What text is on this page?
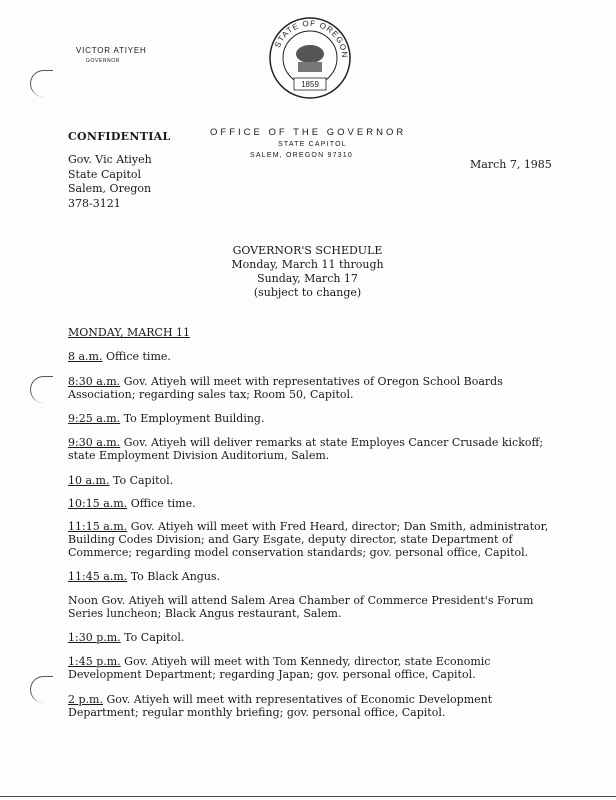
VICTOR ATIYEH
GOVERNOR
STATE OF OREGON
1859
OFFICE OF THE GOVERNOR
STATE CAPITOL
SALEM, OREGON 97310
CONFIDENTIAL
Gov. Vic Atiyeh
State Capitol
Salem, Oregon
378-3121
March 7, 1985
GOVERNOR'S SCHEDULE
Monday, March 11 through
Sunday, March 17
(subject to change)
MONDAY, MARCH 11
8 a.m. Office time.
8:30 a.m. Gov. Atiyeh will meet with representatives of Oregon School Boards Association; regarding sales tax; Room 50, Capitol.
9:25 a.m. To Employment Building.
9:30 a.m. Gov. Atiyeh will deliver remarks at state Employes Cancer Crusade kickoff; state Employment Division Auditorium, Salem.
10 a.m. To Capitol.
10:15 a.m. Office time.
11:15 a.m. Gov. Atiyeh will meet with Fred Heard, director; Dan Smith, administrator, Building Codes Division; and Gary Esgate, deputy director, state Department of Commerce; regarding model conservation standards; gov. personal office, Capitol.
11:45 a.m. To Black Angus.
Noon Gov. Atiyeh will attend Salem Area Chamber of Commerce President's Forum Series luncheon; Black Angus restaurant, Salem.
1:30 p.m. To Capitol.
1:45 p.m. Gov. Atiyeh will meet with Tom Kennedy, director, state Economic Development Department; regarding Japan; gov. personal office, Capitol.
2 p.m. Gov. Atiyeh will meet with representatives of Economic Development Department; regular monthly briefing; gov. personal office, Capitol.
